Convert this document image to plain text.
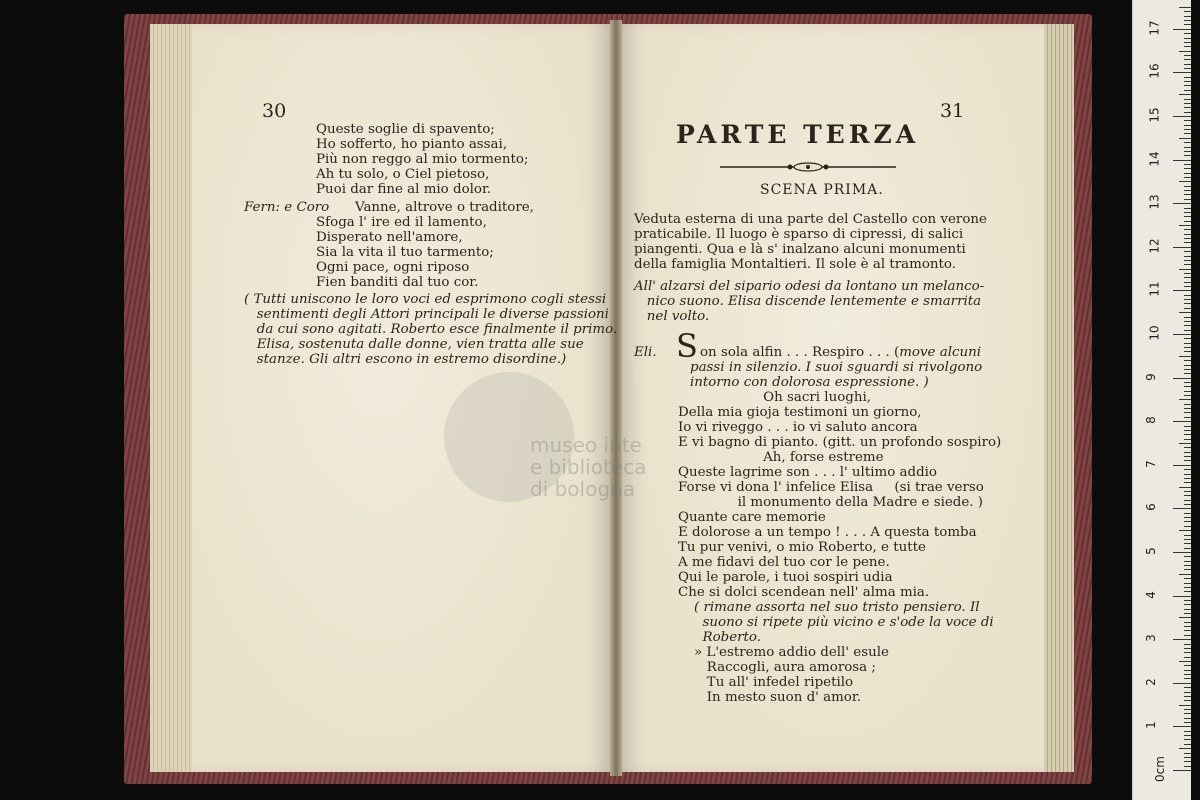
museo inte
e biblioteca
di bologna
30
Queste soglie di spavento;
Ho sofferto, ho pianto assai,
Più non reggo al mio tormento;
Ah tu solo, o Ciel pietoso,
Puoi dar fine al mio dolor.
Fern: e Coro Vanne, altrove o traditore,
Sfoga l' ire ed il lamento,
Disperato nell'amore,
Sia la vita il tuo tarmento;
Ogni pace, ogni riposo
Fien banditi dal tuo cor.
( Tutti uniscono le loro voci ed esprimono cogli stessi
sentimenti degli Attori principali le diverse passioni
da cui sono agitati. Roberto esce finalmente il primo.
Elisa, sostenuta dalle donne, vien tratta alle sue
stanze. Gli altri escono in estremo disordine.)
31
PARTE TERZA
SCENA PRIMA.
Veduta esterna di una parte del Castello con verone
praticabile. Il luogo è sparso di cipressi, di salici
piangenti. Qua e là s' inalzano alcuni monumenti
della famiglia Montaltieri. Il sole è al tramonto.
All' alzarsi del sipario odesi da lontano un melanco-
nico suono. Elisa discende lentemente e smarrita
nel volto.
Eli. S on sola alfin . . . Respiro . . . (move alcuni
passi in silenzio. I suoi sguardi si rivolgono
intorno con dolorosa espressione. )
Oh sacri luoghi,
Della mia gioja testimoni un giorno,
Io vi riveggo . . . io vi saluto ancora
E vi bagno di pianto. (gitt. un profondo sospiro)
Ah, forse estreme
Queste lagrime son . . . l' ultimo addio
Forse vi dona l' infelice Elisa     (si trae verso
il monumento della Madre e siede. )
Quante care memorie
E dolorose a un tempo ! . . . A questa tomba
Tu pur venivi, o mio Roberto, e tutte
A me fidavi del tuo cor le pene.
Qui le parole, i tuoi sospiri udia
Che si dolci scendean nell' alma mia.
( rimane assorta nel suo tristo pensiero. Il
suono si ripete più vicino e s'ode la voce di
Roberto.
» L'estremo addio dell' esule
Raccogli, aura amorosa ;
Tu all' infedel ripetilo
In mesto suon d' amor.
0cm
1
2
3
4
5
6
7
8
9
10
11
12
13
14
15
16
17
